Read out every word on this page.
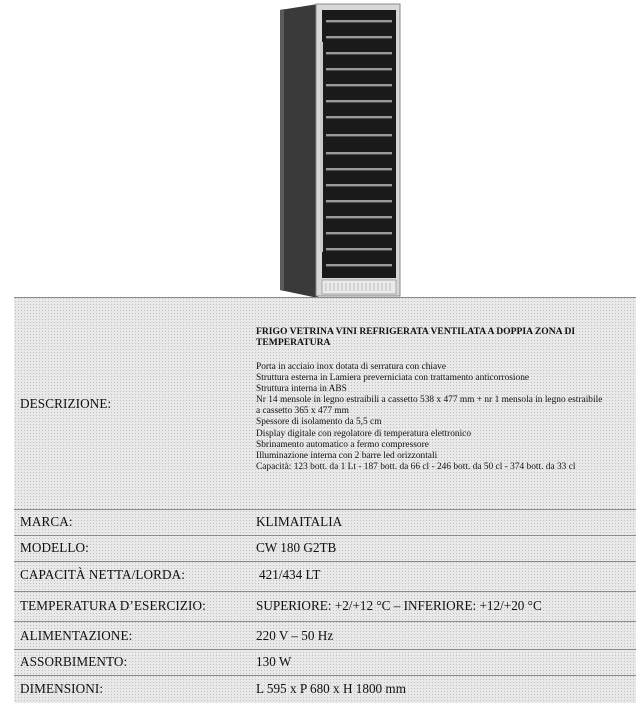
DESCRIZIONE:
FRIGO VETRINA VINI REFRIGERATA VENTILATA A DOPPIA ZONA DI TEMPERATURA
Porta in acciaio inox dotata di serratura con chiave
Struttura esterna in Lamiera preverniciata con trattamento anticorrosione
Struttura interna in ABS
Nr 14 mensole in legno estraibili a cassetto 538 x 477 mm + nr 1 mensola in legno estraibile
a cassetto 365 x 477 mm
Spessore di isolamento da 5,5 cm
Display digitale con regolatore di temperatura elettronico
Sbrinamento automatico a fermo compressore
Illuminazione interna con 2 barre led orizzontali
Capacità: 123 bott. da 1 Lt - 187 bott. da 66 cl - 246 bott. da 50 cl - 374 bott. da 33 cl
MARCA:	KLIMAITALIA
MODELLO:	CW 180 G2TB
CAPACITÀ NETTA/LORDA:	421/434 LT
TEMPERATURA D’ESERCIZIO:	SUPERIORE: +2/+12 °C – INFERIORE: +12/+20 °C
ALIMENTAZIONE:	220 V – 50 Hz
ASSORBIMENTO:	130 W
DIMENSIONI:	L 595 x P 680 x H 1800 mm
